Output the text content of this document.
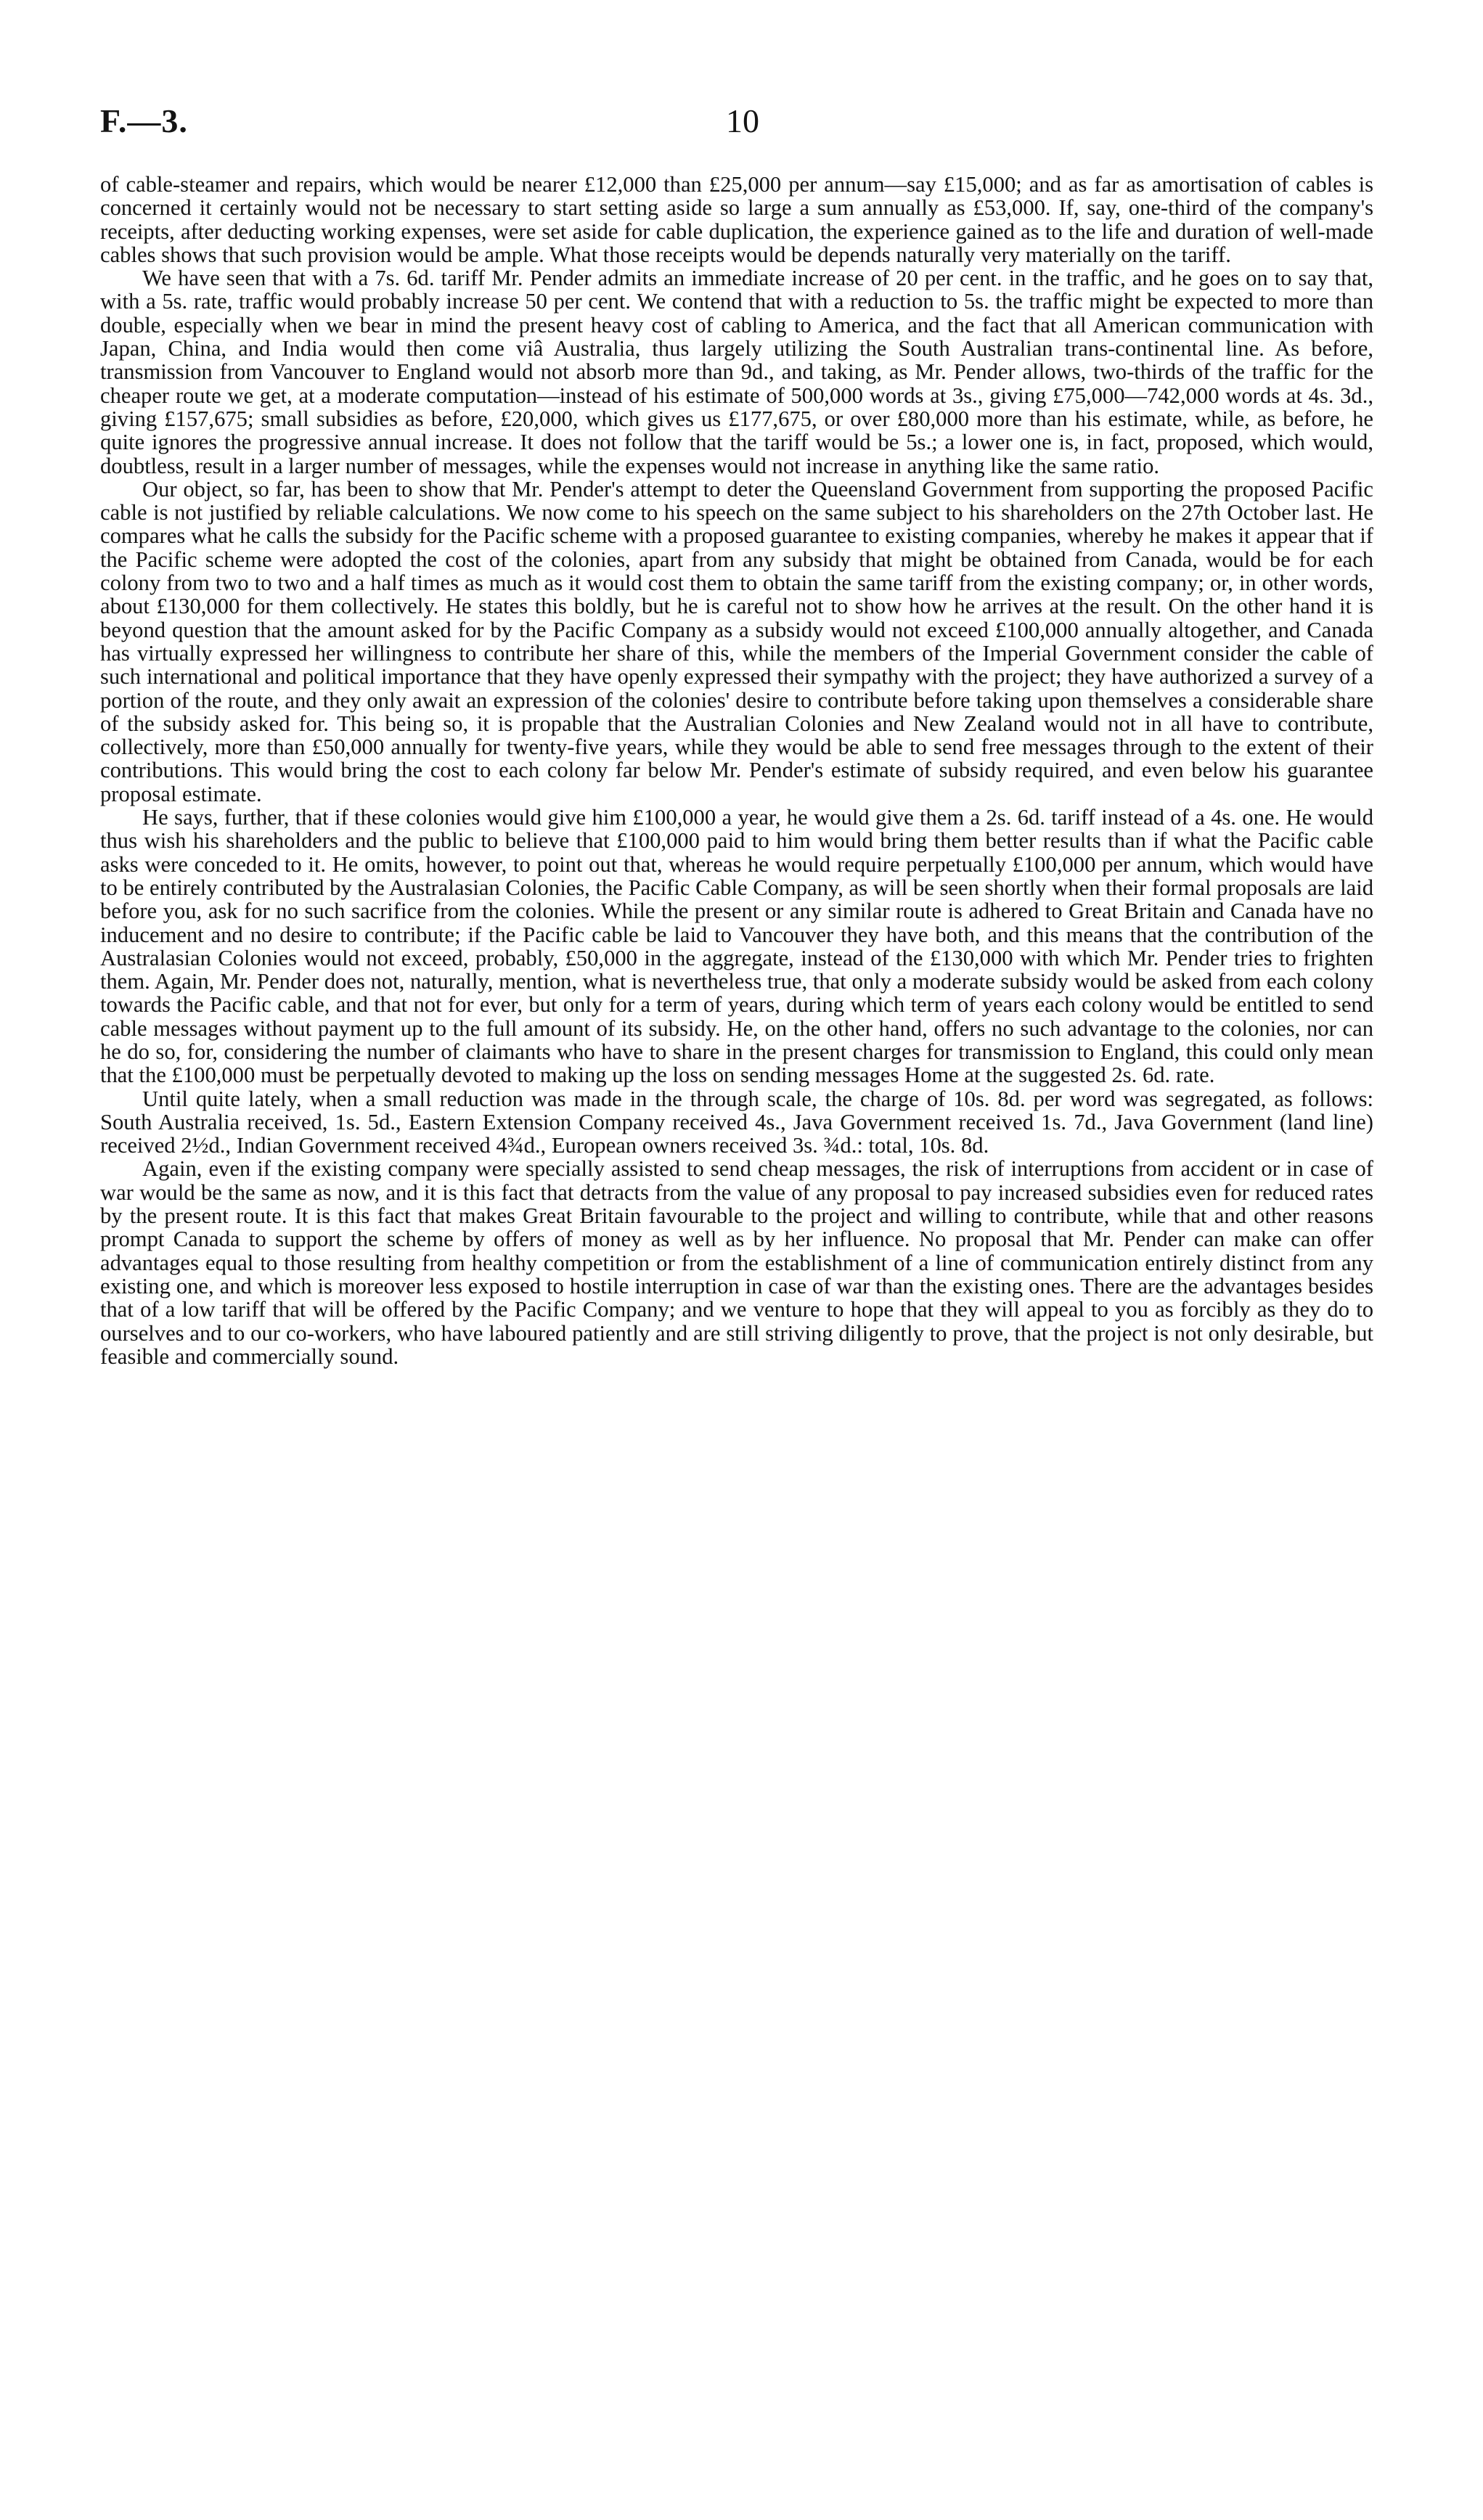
F.—3.	10

of cable-steamer and repairs, which would be nearer £12,000 than £25,000 per annum—say £15,000; and as far as amortisation of cables is concerned it certainly would not be necessary to start setting aside so large a sum annually as £53,000. If, say, one-third of the company's receipts, after deducting working expenses, were set aside for cable duplication, the experience gained as to the life and duration of well-made cables shows that such provision would be ample. What those receipts would be depends naturally very materially on the tariff.

We have seen that with a 7s. 6d. tariff Mr. Pender admits an immediate increase of 20 per cent. in the traffic, and he goes on to say that, with a 5s. rate, traffic would probably increase 50 per cent. We contend that with a reduction to 5s. the traffic might be expected to more than double, especially when we bear in mind the present heavy cost of cabling to America, and the fact that all American communication with Japan, China, and India would then come viâ Australia, thus largely utilizing the South Australian trans-continental line. As before, transmission from Vancouver to England would not absorb more than 9d., and taking, as Mr. Pender allows, two-thirds of the traffic for the cheaper route we get, at a moderate computation—instead of his estimate of 500,000 words at 3s., giving £75,000—742,000 words at 4s. 3d., giving £157,675; small subsidies as before, £20,000, which gives us £177,675, or over £80,000 more than his estimate, while, as before, he quite ignores the progressive annual increase. It does not follow that the tariff would be 5s.; a lower one is, in fact, proposed, which would, doubtless, result in a larger number of messages, while the expenses would not increase in anything like the same ratio.

Our object, so far, has been to show that Mr. Pender's attempt to deter the Queensland Government from supporting the proposed Pacific cable is not justified by reliable calculations. We now come to his speech on the same subject to his shareholders on the 27th October last. He compares what he calls the subsidy for the Pacific scheme with a proposed guarantee to existing companies, whereby he makes it appear that if the Pacific scheme were adopted the cost of the colonies, apart from any subsidy that might be obtained from Canada, would be for each colony from two to two and a half times as much as it would cost them to obtain the same tariff from the existing company; or, in other words, about £130,000 for them collectively. He states this boldly, but he is careful not to show how he arrives at the result. On the other hand it is beyond question that the amount asked for by the Pacific Company as a subsidy would not exceed £100,000 annually altogether, and Canada has virtually expressed her willingness to contribute her share of this, while the members of the Imperial Government consider the cable of such international and political importance that they have openly expressed their sympathy with the project; they have authorized a survey of a portion of the route, and they only await an expression of the colonies' desire to contribute before taking upon themselves a considerable share of the subsidy asked for. This being so, it is propable that the Australian Colonies and New Zealand would not in all have to contribute, collectively, more than £50,000 annually for twenty-five years, while they would be able to send free messages through to the extent of their contributions. This would bring the cost to each colony far below Mr. Pender's estimate of subsidy required, and even below his guarantee proposal estimate.

He says, further, that if these colonies would give him £100,000 a year, he would give them a 2s. 6d. tariff instead of a 4s. one. He would thus wish his shareholders and the public to believe that £100,000 paid to him would bring them better results than if what the Pacific cable asks were conceded to it. He omits, however, to point out that, whereas he would require perpetually £100,000 per annum, which would have to be entirely contributed by the Australasian Colonies, the Pacific Cable Company, as will be seen shortly when their formal proposals are laid before you, ask for no such sacrifice from the colonies. While the present or any similar route is adhered to Great Britain and Canada have no inducement and no desire to contribute; if the Pacific cable be laid to Vancouver they have both, and this means that the contribution of the Australasian Colonies would not exceed, probably, £50,000 in the aggregate, instead of the £130,000 with which Mr. Pender tries to frighten them. Again, Mr. Pender does not, naturally, mention, what is nevertheless true, that only a moderate subsidy would be asked from each colony towards the Pacific cable, and that not for ever, but only for a term of years, during which term of years each colony would be entitled to send cable messages without payment up to the full amount of its subsidy. He, on the other hand, offers no such advantage to the colonies, nor can he do so, for, considering the number of claimants who have to share in the present charges for transmission to England, this could only mean that the £100,000 must be perpetually devoted to making up the loss on sending messages Home at the suggested 2s. 6d. rate.

Until quite lately, when a small reduction was made in the through scale, the charge of 10s. 8d. per word was segregated, as follows: South Australia received, 1s. 5d., Eastern Extension Company received 4s., Java Government received 1s. 7d., Java Government (land line) received 2½d., Indian Government received 4¾d., European owners received 3s. ¾d.: total, 10s. 8d.

Again, even if the existing company were specially assisted to send cheap messages, the risk of interruptions from accident or in case of war would be the same as now, and it is this fact that detracts from the value of any proposal to pay increased subsidies even for reduced rates by the present route. It is this fact that makes Great Britain favourable to the project and willing to contribute, while that and other reasons prompt Canada to support the scheme by offers of money as well as by her influence. No proposal that Mr. Pender can make can offer advantages equal to those resulting from healthy competition or from the establishment of a line of communication entirely distinct from any existing one, and which is moreover less exposed to hostile interruption in case of war than the existing ones. There are the advantages besides that of a low tariff that will be offered by the Pacific Company; and we venture to hope that they will appeal to you as forcibly as they do to ourselves and to our co-workers, who have laboured patiently and are still striving diligently to prove, that the project is not only desirable, but feasible and commercially sound.
